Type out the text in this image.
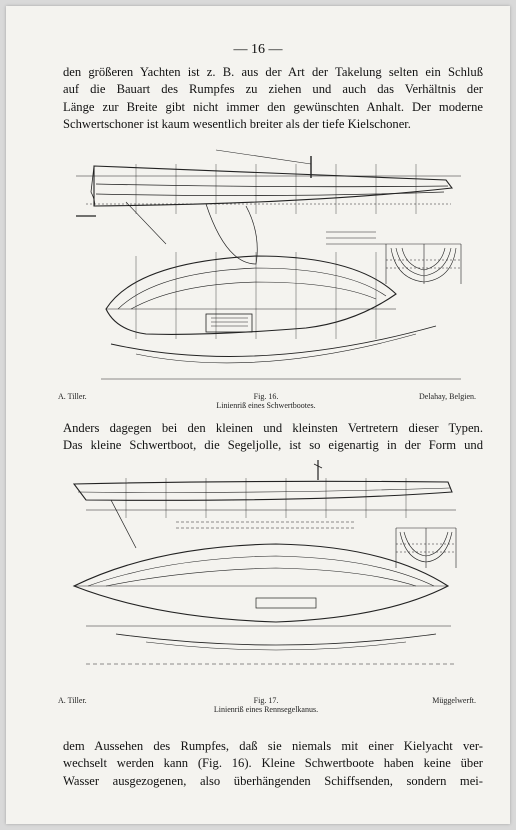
— 16 —
den größeren Yachten ist z. B. aus der Art der Takelung selten ein Schluß
auf die Bauart des Rumpfes zu ziehen und auch das Verhältnis der
Länge zur Breite gibt nicht immer den gewünschten Anhalt. Der moderne
Schwertschoner ist kaum wesentlich breiter als der tiefe Kielschoner.
A. Tiller.	Fig. 16.	Delahay, Belgien.
Linienriß eines Schwertbootes.
Anders dagegen bei den kleinen und kleinsten Vertretern dieser Typen.
Das kleine Schwertboot, die Segeljolle, ist so eigenartig in der Form und
A. Tiller.	Fig. 17.	Müggelwerft.
Linienriß eines Rennsegelkanus.
dem Aussehen des Rumpfes, daß sie niemals mit einer Kielyacht ver-
wechselt werden kann (Fig. 16). Kleine Schwertboote haben keine über
Wasser ausgezogenen, also überhängenden Schiffsenden, sondern mei-
